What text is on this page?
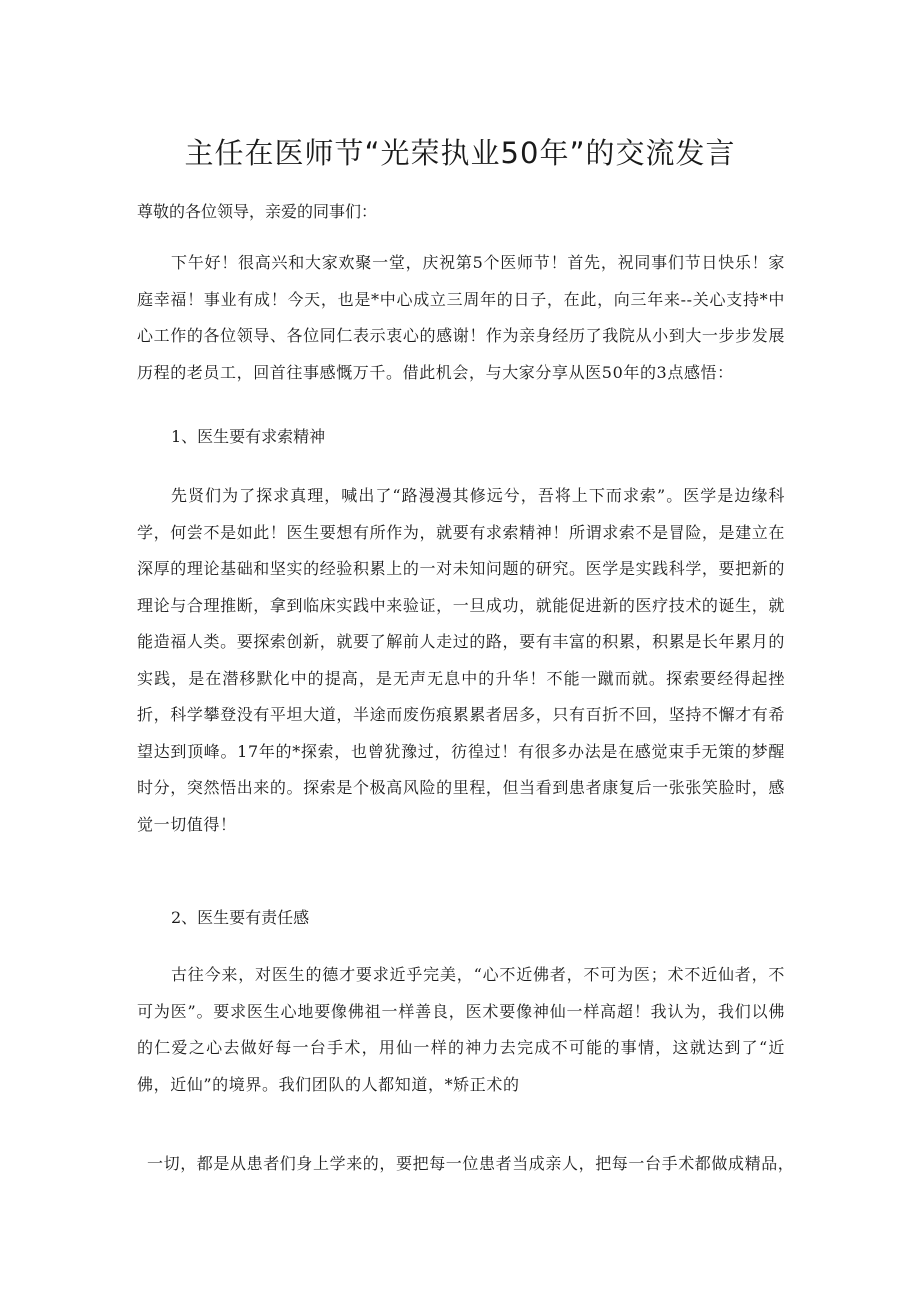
主任在医师节“光荣执业50年”的交流发言

尊敬的各位领导，亲爱的同事们：

下午好！很高兴和大家欢聚一堂，庆祝第5个医师节！首先，祝同事们节日快乐！家庭幸福！事业有成！今天，也是*中心成立三周年的日子，在此，向三年来--关心支持*中心工作的各位领导、各位同仁表示衷心的感谢！作为亲身经历了我院从小到大一步步发展历程的老员工，回首往事感慨万千。借此机会，与大家分享从医50年的3点感悟：

1、医生要有求索精神

先贤们为了探求真理，喊出了“路漫漫其修远兮，吾将上下而求索”。医学是边缘科学，何尝不是如此！医生要想有所作为，就要有求索精神！所谓求索不是冒险，是建立在深厚的理论基础和坚实的经验积累上的一对未知问题的研究。医学是实践科学，要把新的理论与合理推断，拿到临床实践中来验证，一旦成功，就能促进新的医疗技术的诞生，就能造福人类。要探索创新，就要了解前人走过的路，要有丰富的积累，积累是长年累月的实践，是在潜移默化中的提高，是无声无息中的升华！不能一蹴而就。探索要经得起挫折，科学攀登没有平坦大道，半途而废伤痕累累者居多，只有百折不回，坚持不懈才有希望达到顶峰。17年的*探索，也曾犹豫过，彷徨过！有很多办法是在感觉束手无策的梦醒时分，突然悟出来的。探索是个极高风险的里程，但当看到患者康复后一张张笑脸时，感觉一切值得！

2、医生要有责任感

古往今来，对医生的德才要求近乎完美，“心不近佛者，不可为医；术不近仙者，不可为医”。要求医生心地要像佛祖一样善良，医术要像神仙一样高超！我认为，我们以佛的仁爱之心去做好每一台手术，用仙一样的神力去完成不可能的事情，这就达到了“近佛，近仙”的境界。我们团队的人都知道，*矫正术的

一切，都是从患者们身上学来的，要把每一位患者当成亲人，把每一台手术都做成精品，
